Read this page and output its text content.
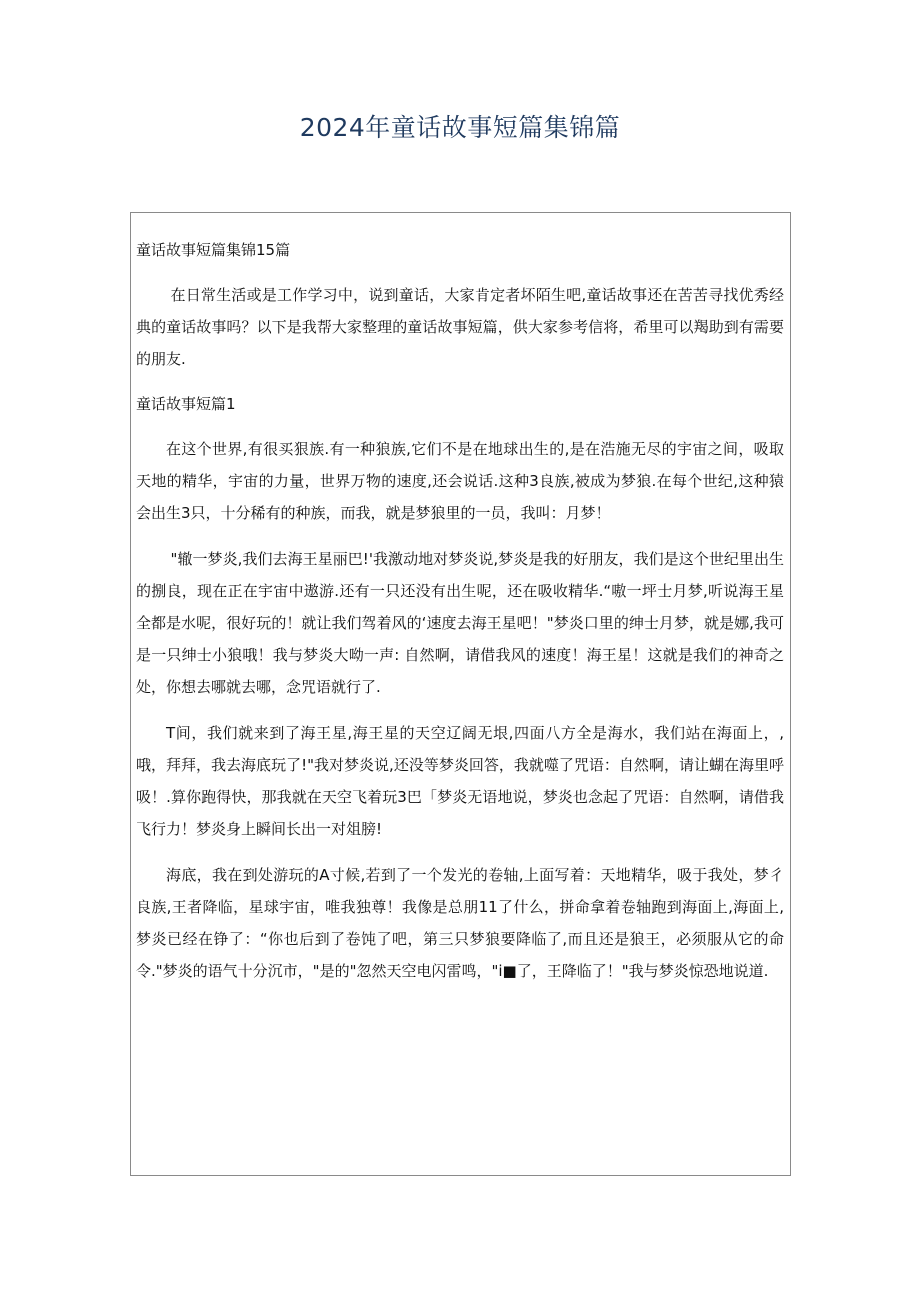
2024年童话故事短篇集锦篇
童话故事短篇集锦15篇

在日常生活或是工作学习中，说到童话，大家肯定者坏陌生吧,童话故事还在苦苦寻找优秀经典的童话故事吗？以下是我帮大家整理的童话故事短篇，供大家参考信将，希里可以羯助到有需要的朋友.

童话故事短篇1

在这个世界,有很买狠族.有一种狼族,它们不是在地球出生的,是在浩施无尽的宇宙之间，吸取天地的精华，宇宙的力量，世界万物的速度,还会说话.这种3良族,被成为梦狼.在每个世纪,这种猿会出生3只，十分稀有的种族，而我，就是梦狼里的一员，我叫：月梦！

"辙一梦炎,我们去海王星丽巴!'我激动地对梦炎说,梦炎是我的好朋友，我们是这个世纪里出生的捌良，现在正在宇宙中遨游.还有一只还没有出生呢，还在吸收精华.“嗷一坪士月梦,听说海王星全都是水呢，很好玩的！就让我们驾着风的‘速度去海王星吧！"梦炎口里的绅士月梦，就是娜,我可是一只绅士小狼哦！我与梦炎大呦一声: 自然啊，请借我风的速度！海王星！这就是我们的神奇之处，你想去哪就去哪，念咒语就行了.

T间，我们就来到了海王星,海王星的天空辽阔无垠,四面八方全是海水，我们站在海面上，,哦，拜拜，我去海底玩了!"我对梦炎说,还没等梦炎回答，我就噬了咒语：自然啊，请让蝴在海里呼吸！.算你跑得快，那我就在天空飞着玩3巴「梦炎无语地说，梦炎也念起了咒语：自然啊，请借我飞行力！梦炎身上瞬间长出一对俎膀!

海底，我在到处游玩的A寸候,若到了一个发光的卷轴,上面写着：天地精华，吸于我处，梦彳良族,王者降临，星球宇宙，唯我独尊！我像是总朋11了什么，拼命拿着卷轴跑到海面上,海面上,梦炎已经在铮了：“你也后到了卷饨了吧，第三只梦狼要降临了,而且还是狼王，必须服从它的命令."梦炎的语气十分沉市，"是的"忽然天空电闪雷鸣，"i■了，王降临了！"我与梦炎惊恐地说道.
